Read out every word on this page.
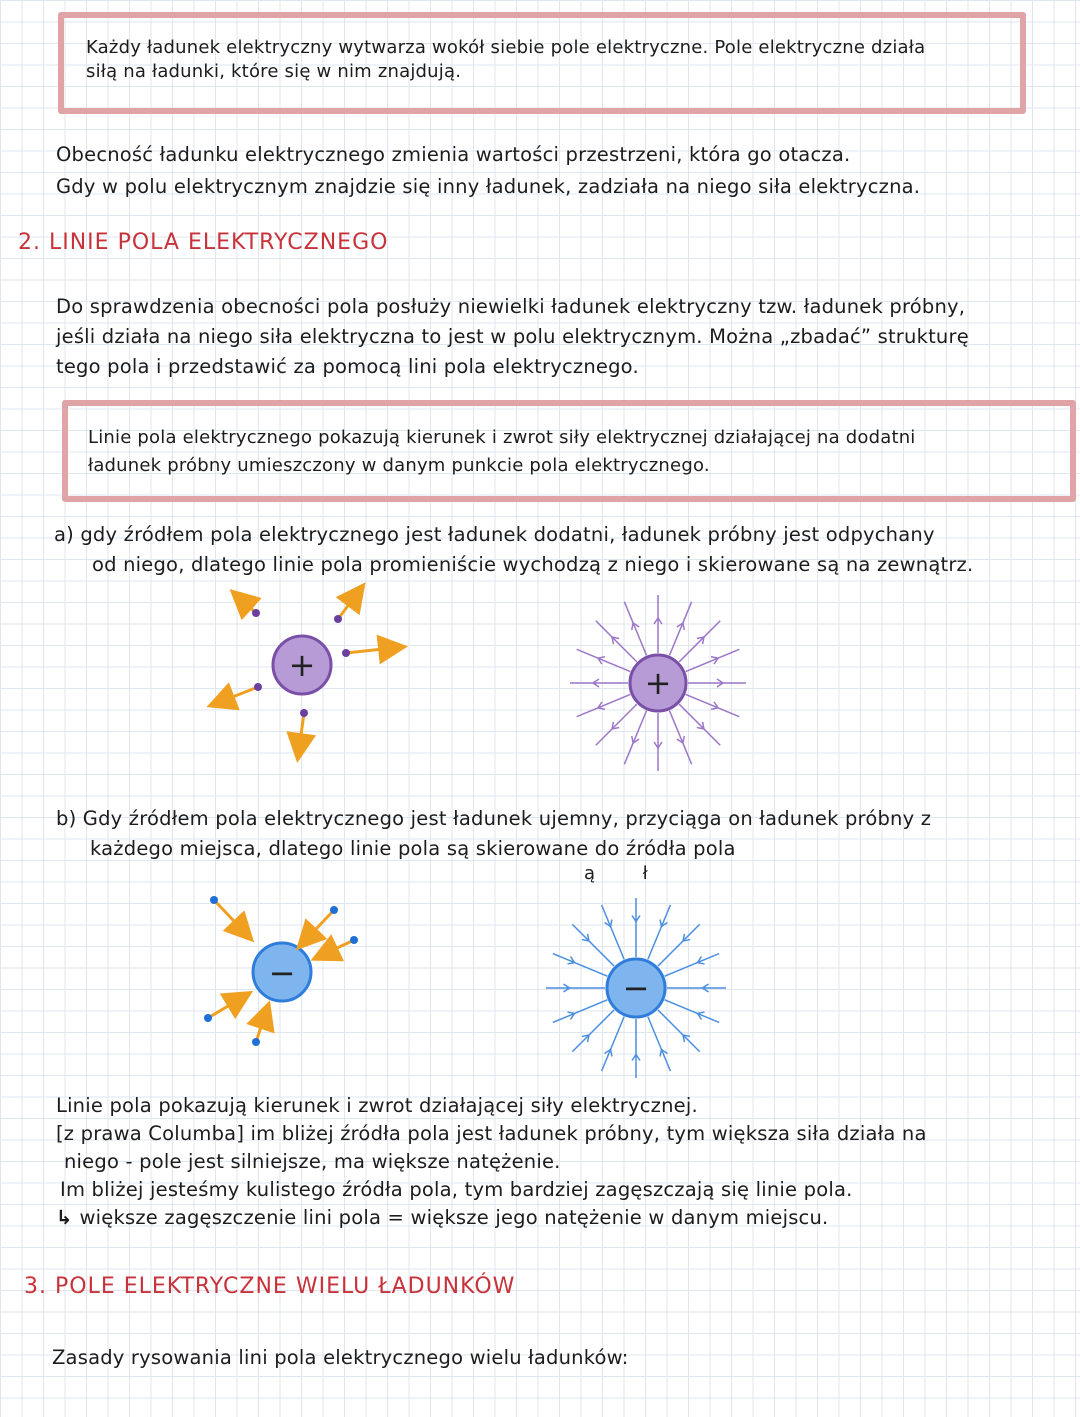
Każdy ładunek elektryczny wytwarza wokół siebie pole elektryczne. Pole elektryczne działa
siłą na ładunki, które się w nim znajdują.
Obecność ładunku elektrycznego zmienia wartości przestrzeni, która go otacza.
Gdy w polu elektrycznym znajdzie się inny ładunek, zadziała na niego siła elektryczna.
2. LINIE POLA ELEKTRYCZNEGO
Do sprawdzenia obecności pola posłuży niewielki ładunek elektryczny tzw. ładunek próbny,
jeśli działa na niego siła elektryczna to jest w polu elektrycznym. Można „zbadać” strukturę
tego pola i przedstawić za pomocą lini pola elektrycznego.
Linie pola elektrycznego pokazują kierunek i zwrot siły elektrycznej działającej na dodatni
ładunek próbny umieszczony w danym punkcie pola elektrycznego.
a) gdy źródłem pola elektrycznego jest ładunek dodatni, ładunek próbny jest odpychany
od niego, dlatego linie pola promieniście wychodzą z niego i skierowane są na zewnątrz.
+	+
b) Gdy źródłem pola elektrycznego jest ładunek ujemny, przyciąga on ładunek próbny z
każdego miejsca, dlatego linie pola są skierowane do źródła pola
ą        ł
−	−
Linie pola pokazują kierunek i zwrot działającej siły elektrycznej.
[z prawa Columba] im bliżej źródła pola jest ładunek próbny, tym większa siła działa na
niego - pole jest silniejsze, ma większe natężenie.
Im bliżej jesteśmy kulistego źródła pola, tym bardziej zagęszczają się linie pola.
↳ większe zagęszczenie lini pola = większe jego natężenie w danym miejscu.
3. POLE ELEKTRYCZNE WIELU ŁADUNKÓW
Zasady rysowania lini pola elektrycznego wielu ładunków:
